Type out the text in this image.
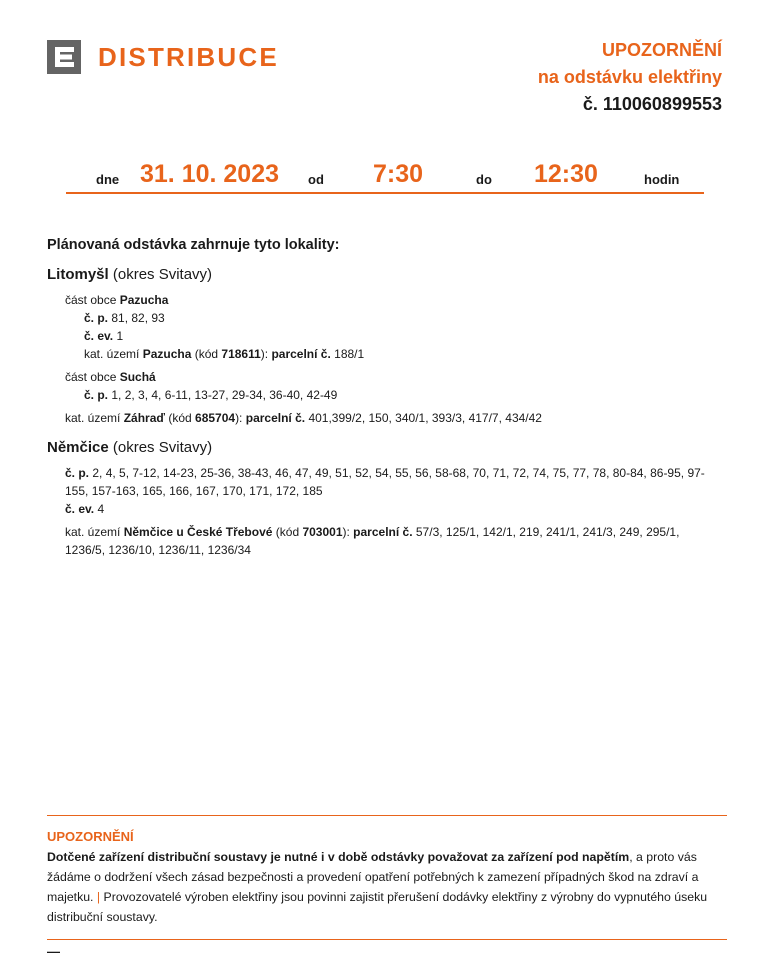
DISTRIBUCE	UPOZORNĚNÍ
na odstávku elektřiny
č. 110060899553
dne 31. 10. 2023 od 7:30	do 12:30	hodin
Plánovaná odstávka zahrnuje tyto lokality:
Litomyšl (okres Svitavy)
část obce Pazucha
č. p. 81, 82, 93
č. ev. 1
kat. území Pazucha (kód 718611): parcelní č. 188/1
část obce Suchá
č. p. 1, 2, 3, 4, 6-11, 13-27, 29-34, 36-40, 42-49
kat. území Záhraď (kód 685704): parcelní č. 401,399/2, 150, 340/1, 393/3, 417/7, 434/42
Němčice (okres Svitavy)
č. p. 2, 4, 5, 7-12, 14-23, 25-36, 38-43, 46, 47, 49, 51, 52, 54, 55, 56, 58-68, 70, 71, 72, 74, 75, 77, 78, 80-84, 86-95, 97-155, 157-163, 165, 166, 167, 170, 171, 172, 185
č. ev. 4
kat. území Němčice u České Třebové (kód 703001): parcelní č. 57/3, 125/1, 142/1, 219, 241/1, 241/3, 249, 295/1, 1236/5, 1236/10, 1236/11, 1236/34
UPOZORNĚNÍ
Dotčené zařízení distribuční soustavy je nutné i v době odstávky považovat za zařízení pod napětím, a proto vás žádáme o dodržení všech zásad bezpečnosti a provedení opatření potřebných k zamezení případných škod na zdraví a majetku. | Provozovatelé výroben elektřiny jsou povinni zajistit přerušení dodávky elektřiny z výrobny do vypnutého úseku distribuční soustavy.
—
